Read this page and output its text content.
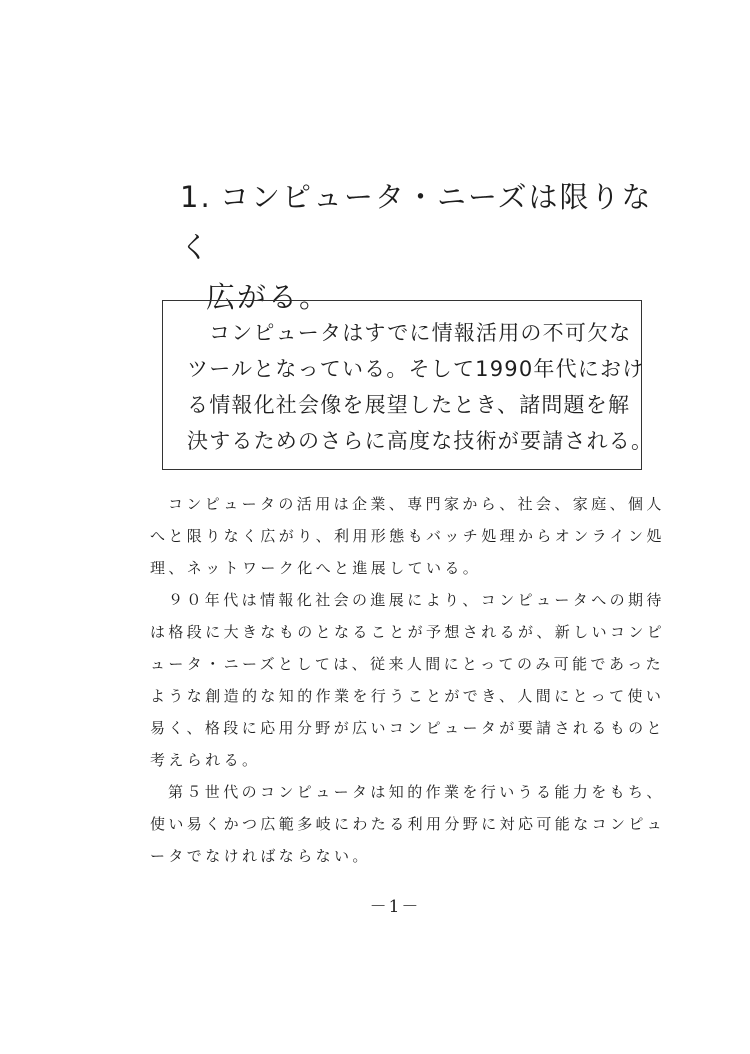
1. コンピュータ・ニーズは限りなく
広がる。
コンピュータはすでに情報活用の不可欠な
ツールとなっている。そして1990年代におけ
る情報化社会像を展望したとき、諸問題を解
決するためのさらに高度な技術が要請される。
コンピュータの活用は企業、専門家から、社会、家庭、個人
へと限りなく広がり、利用形態もバッチ処理からオンライン処
理、ネットワーク化へと進展している。
９０年代は情報化社会の進展により、コンピュータへの期待
は格段に大きなものとなることが予想されるが、新しいコンピ
ュータ・ニーズとしては、従来人間にとってのみ可能であった
ような創造的な知的作業を行うことができ、人間にとって使い
易く、格段に応用分野が広いコンピュータが要請されるものと
考えられる。
第５世代のコンピュータは知的作業を行いうる能力をもち、
使い易くかつ広範多岐にわたる利用分野に対応可能なコンピュ
ータでなければならない。
－1－
